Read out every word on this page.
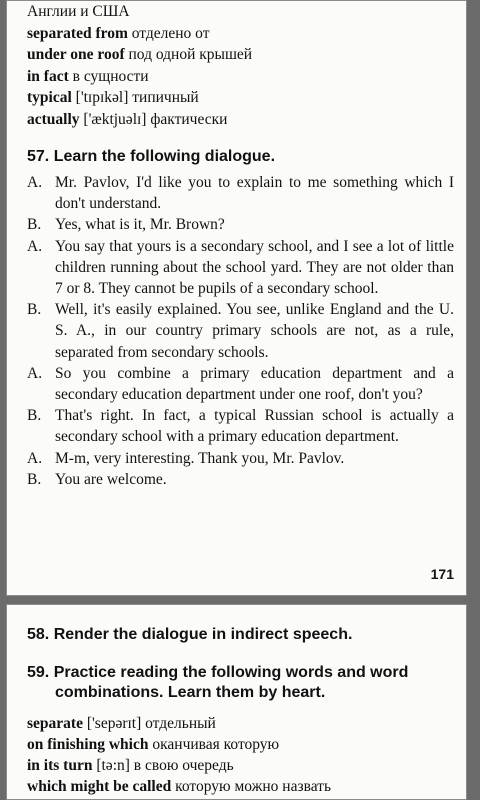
Англии и США
separated from отделено от
under one roof под одной крышей
in fact в сущности
typical ['tɪpɪkəl] типичный
actually ['æktjuəlɪ] фактически
57. Learn the following dialogue.
A. Mr. Pavlov, I'd like you to explain to me something which I don't understand.
B. Yes, what is it, Mr. Brown?
A. You say that yours is a secondary school, and I see a lot of little children running about the school yard. They are not older than 7 or 8. They cannot be pupils of a secondary school.
B. Well, it's easily explained. You see, unlike England and the U. S. A., in our country primary schools are not, as a rule, separated from secondary schools.
A. So you combine a primary education department and a secondary education department under one roof, don't you?
B. That's right. In fact, a typical Russian school is actually a secondary school with a primary education department.
A. M-m, very interesting. Thank you, Mr. Pavlov.
B. You are welcome.
171
58. Render the dialogue in indirect speech.
59. Practice reading the following words and word
combinations. Learn them by heart.
separate ['sepərɪt] отдельный
on finishing which оканчивая которую
in its turn [tə:n] в свою очередь
which might be called которую можно назвать
